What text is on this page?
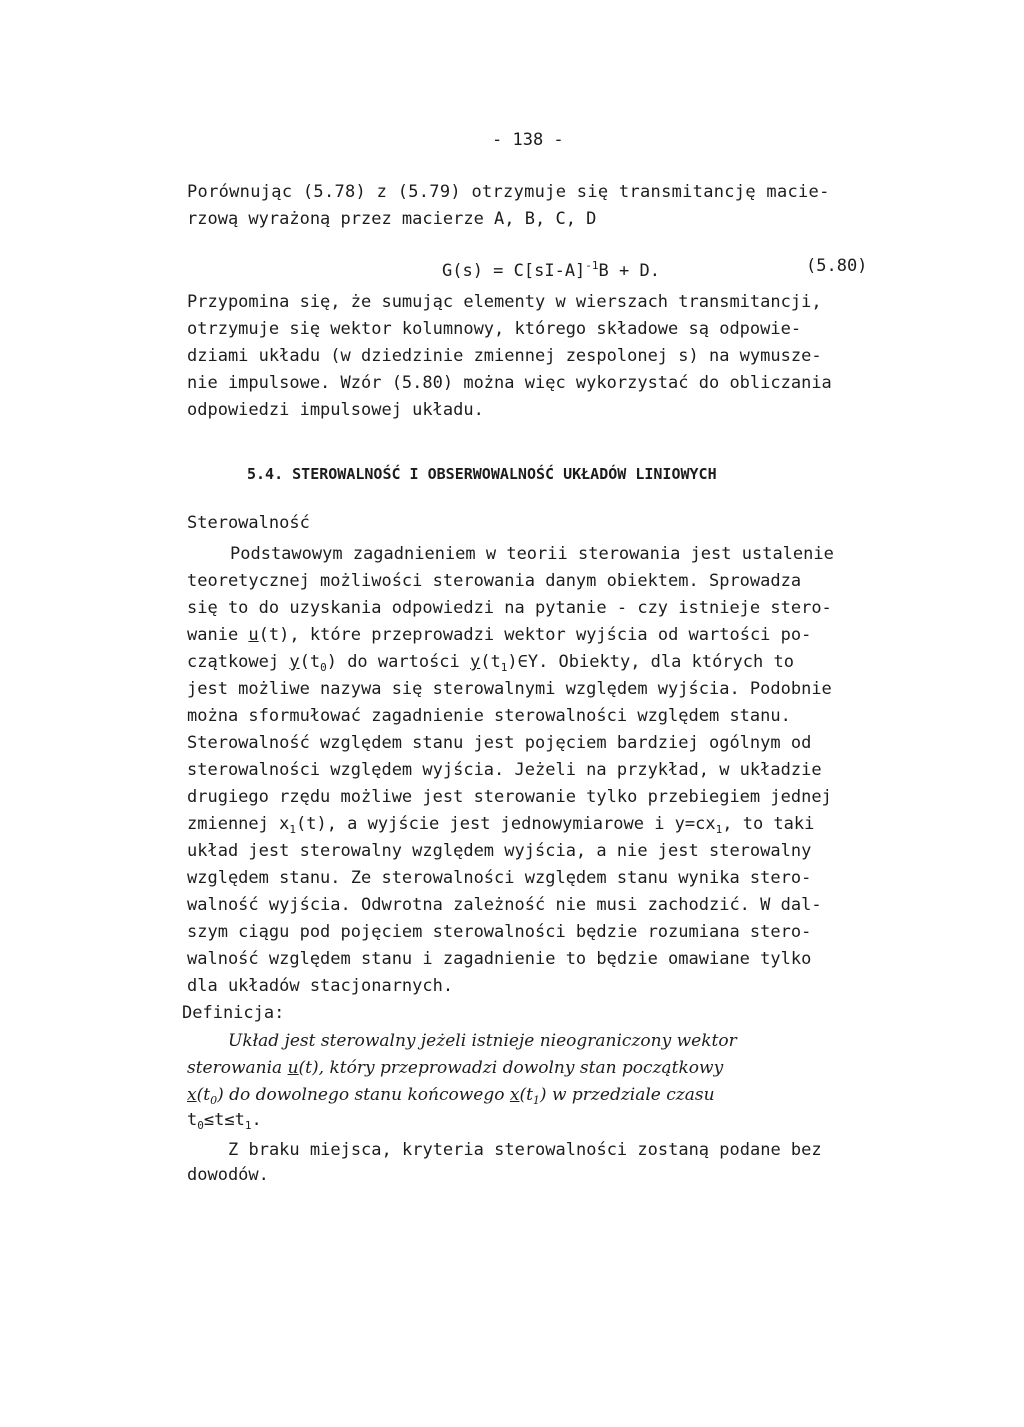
- 138 -
Porównując (5.78) z (5.79) otrzymuje się transmitancję macie-
rzową wyrażoną przez macierze A, B, C, D
$G(s) = C[sI-A]^{-1}B + D$.	(5.80)
Przypomina się, że sumując elementy w wierszach transmitancji,
otrzymuje się wektor kolumnowy, którego składowe są odpowie-
dziami układu (w dziedzinie zmiennej zespolonej s) na wymusze-
nie impulsowe. Wzór (5.80) można więc wykorzystać do obliczania
odpowiedzi impulsowej układu.
5.4. STEROWALNOŚĆ I OBSERWOWALNOŚĆ UKŁADÓW LINIOWYCH
Sterowalność
Podstawowym zagadnieniem w teorii sterowania jest ustalenie
teoretycznej możliwości sterowania danym obiektem. Sprowadza
się to do uzyskania odpowiedzi na pytanie - czy istnieje stero-
wanie u(t), które przeprowadzi wektor wyjścia od wartości po-
czątkowej $y(t_0)$ do wartości $y(t_1)\in Y$. Obiekty, dla których to
jest możliwe nazywa się sterowalnymi względem wyjścia. Podobnie
można sformułować zagadnienie sterowalności względem stanu.
Sterowalność względem stanu jest pojęciem bardziej ogólnym od
sterowalności względem wyjścia. Jeżeli na przykład, w układzie
drugiego rzędu możliwe jest sterowanie tylko przebiegiem jednej
zmiennej $x_1(t)$, a wyjście jest jednowymiarowe i $y=cx_1$, to taki
układ jest sterowalny względem wyjścia, a nie jest sterowalny
względem stanu. Ze sterowalności względem stanu wynika stero-
walność wyjścia. Odwrotna zależność nie musi zachodzić. W dal-
szym ciągu pod pojęciem sterowalności będzie rozumiana stero-
walność względem stanu i zagadnienie to będzie omawiane tylko
dla układów stacjonarnych.
Definicja:
Układ jest sterowalny jeżeli istnieje nieograniczony wektor
sterowania u(t), który przeprowadzi dowolny stan początkowy
$x(t_0)$ do dowolnego stanu końcowego $x(t_1)$ w przedziale czasu
$t_0\le t\le t_1$.
Z braku miejsca, kryteria sterowalności zostaną podane bez
dowodów.
